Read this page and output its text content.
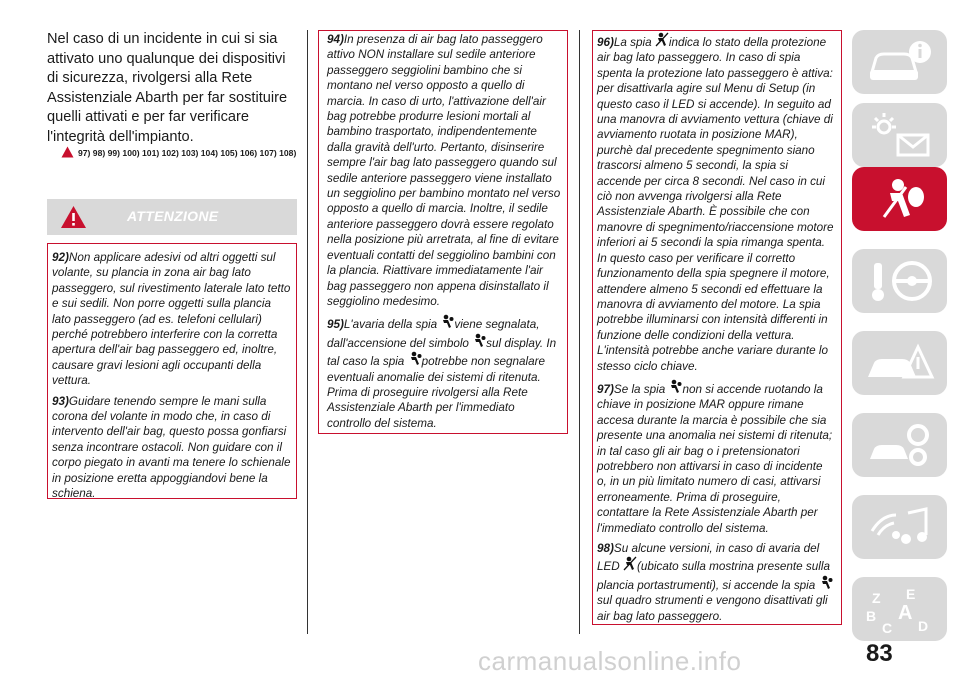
Nel caso di un incidente in cui si sia attivato uno qualunque dei dispositivi di sicurezza, rivolgersi alla Rete Assistenziale Abarth per far sostituire quelli attivati e per far verificare l'integrità dell'impianto.
97) 98) 99) 100) 101) 102) 103) 104) 105) 106) 107) 108)
ATTENZIONE

92)Non applicare adesivi od altri oggetti sul volante, su plancia in zona air bag lato passeggero, sul rivestimento laterale lato tetto e sui sedili. Non porre oggetti sulla plancia lato passeggero (ad es. telefoni cellulari) perché potrebbero interferire con la corretta apertura dell'air bag passeggero ed, inoltre, causare gravi lesioni agli occupanti della vettura.

93)Guidare tenendo sempre le mani sulla corona del volante in modo che, in caso di intervento dell'air bag, questo possa gonfiarsi senza incontrare ostacoli. Non guidare con il corpo piegato in avanti ma tenere lo schienale in posizione eretta appoggiandovi bene la schiena.

94)In presenza di air bag lato passeggero attivo NON installare sul sedile anteriore passeggero seggiolini bambino che si montano nel verso opposto a quello di marcia. In caso di urto, l'attivazione dell'air bag potrebbe produrre lesioni mortali al bambino trasportato, indipendentemente dalla gravità dell'urto. Pertanto, disinserire sempre l'air bag lato passeggero quando sul sedile anteriore passeggero viene installato un seggiolino per bambino montato nel verso opposto a quello di marcia. Inoltre, il sedile anteriore passeggero dovrà essere regolato nella posizione più arretrata, al fine di evitare eventuali contatti del seggiolino bambini con la plancia. Riattivare immediatamente l'air bag passeggero non appena disinstallato il seggiolino medesimo.

95)L'avaria della spia viene segnalata, dall'accensione del simbolo sul display. In tal caso la spia potrebbe non segnalare eventuali anomalie dei sistemi di ritenuta. Prima di proseguire rivolgersi alla Rete Assistenziale Abarth per l'immediato controllo del sistema.

96)La spia indica lo stato della protezione air bag lato passeggero. In caso di spia spenta la protezione lato passeggero è attiva: per disattivarla agire sul Menu di Setup (in questo caso il LED si accende). In seguito ad una manovra di avviamento vettura (chiave di avviamento ruotata in posizione MAR), purchè dal precedente spegnimento siano trascorsi almeno 5 secondi, la spia si accende per circa 8 secondi. Nel caso in cui ciò non avvenga rivolgersi alla Rete Assistenziale Abarth. È possibile che con manovre di spegnimento/riaccensione motore inferiori ai 5 secondi la spia rimanga spenta. In questo caso per verificare il corretto funzionamento della spia spegnere il motore, attendere almeno 5 secondi ed effettuare la manovra di avviamento del motore. La spia potrebbe illuminarsi con intensità differenti in funzione delle condizioni della vettura. L'intensità potrebbe anche variare durante lo stesso ciclo chiave.

97)Se la spia non si accende ruotando la chiave in posizione MAR oppure rimane accesa durante la marcia è possibile che sia presente una anomalia nei sistemi di ritenuta; in tal caso gli air bag o i pretensionatori potrebbero non attivarsi in caso di incidente o, in un più limitato numero di casi, attivarsi erroneamente. Prima di proseguire, contattare la Rete Assistenziale Abarth per l'immediato controllo del sistema.

98)Su alcune versioni, in caso di avaria del LED (ubicato sulla mostrina presente sulla plancia portastrumenti), si accende la spia sul quadro strumenti e vengono disattivati gli air bag lato passeggero.

Z E
B A
C D
carmanualsonline.info	83
